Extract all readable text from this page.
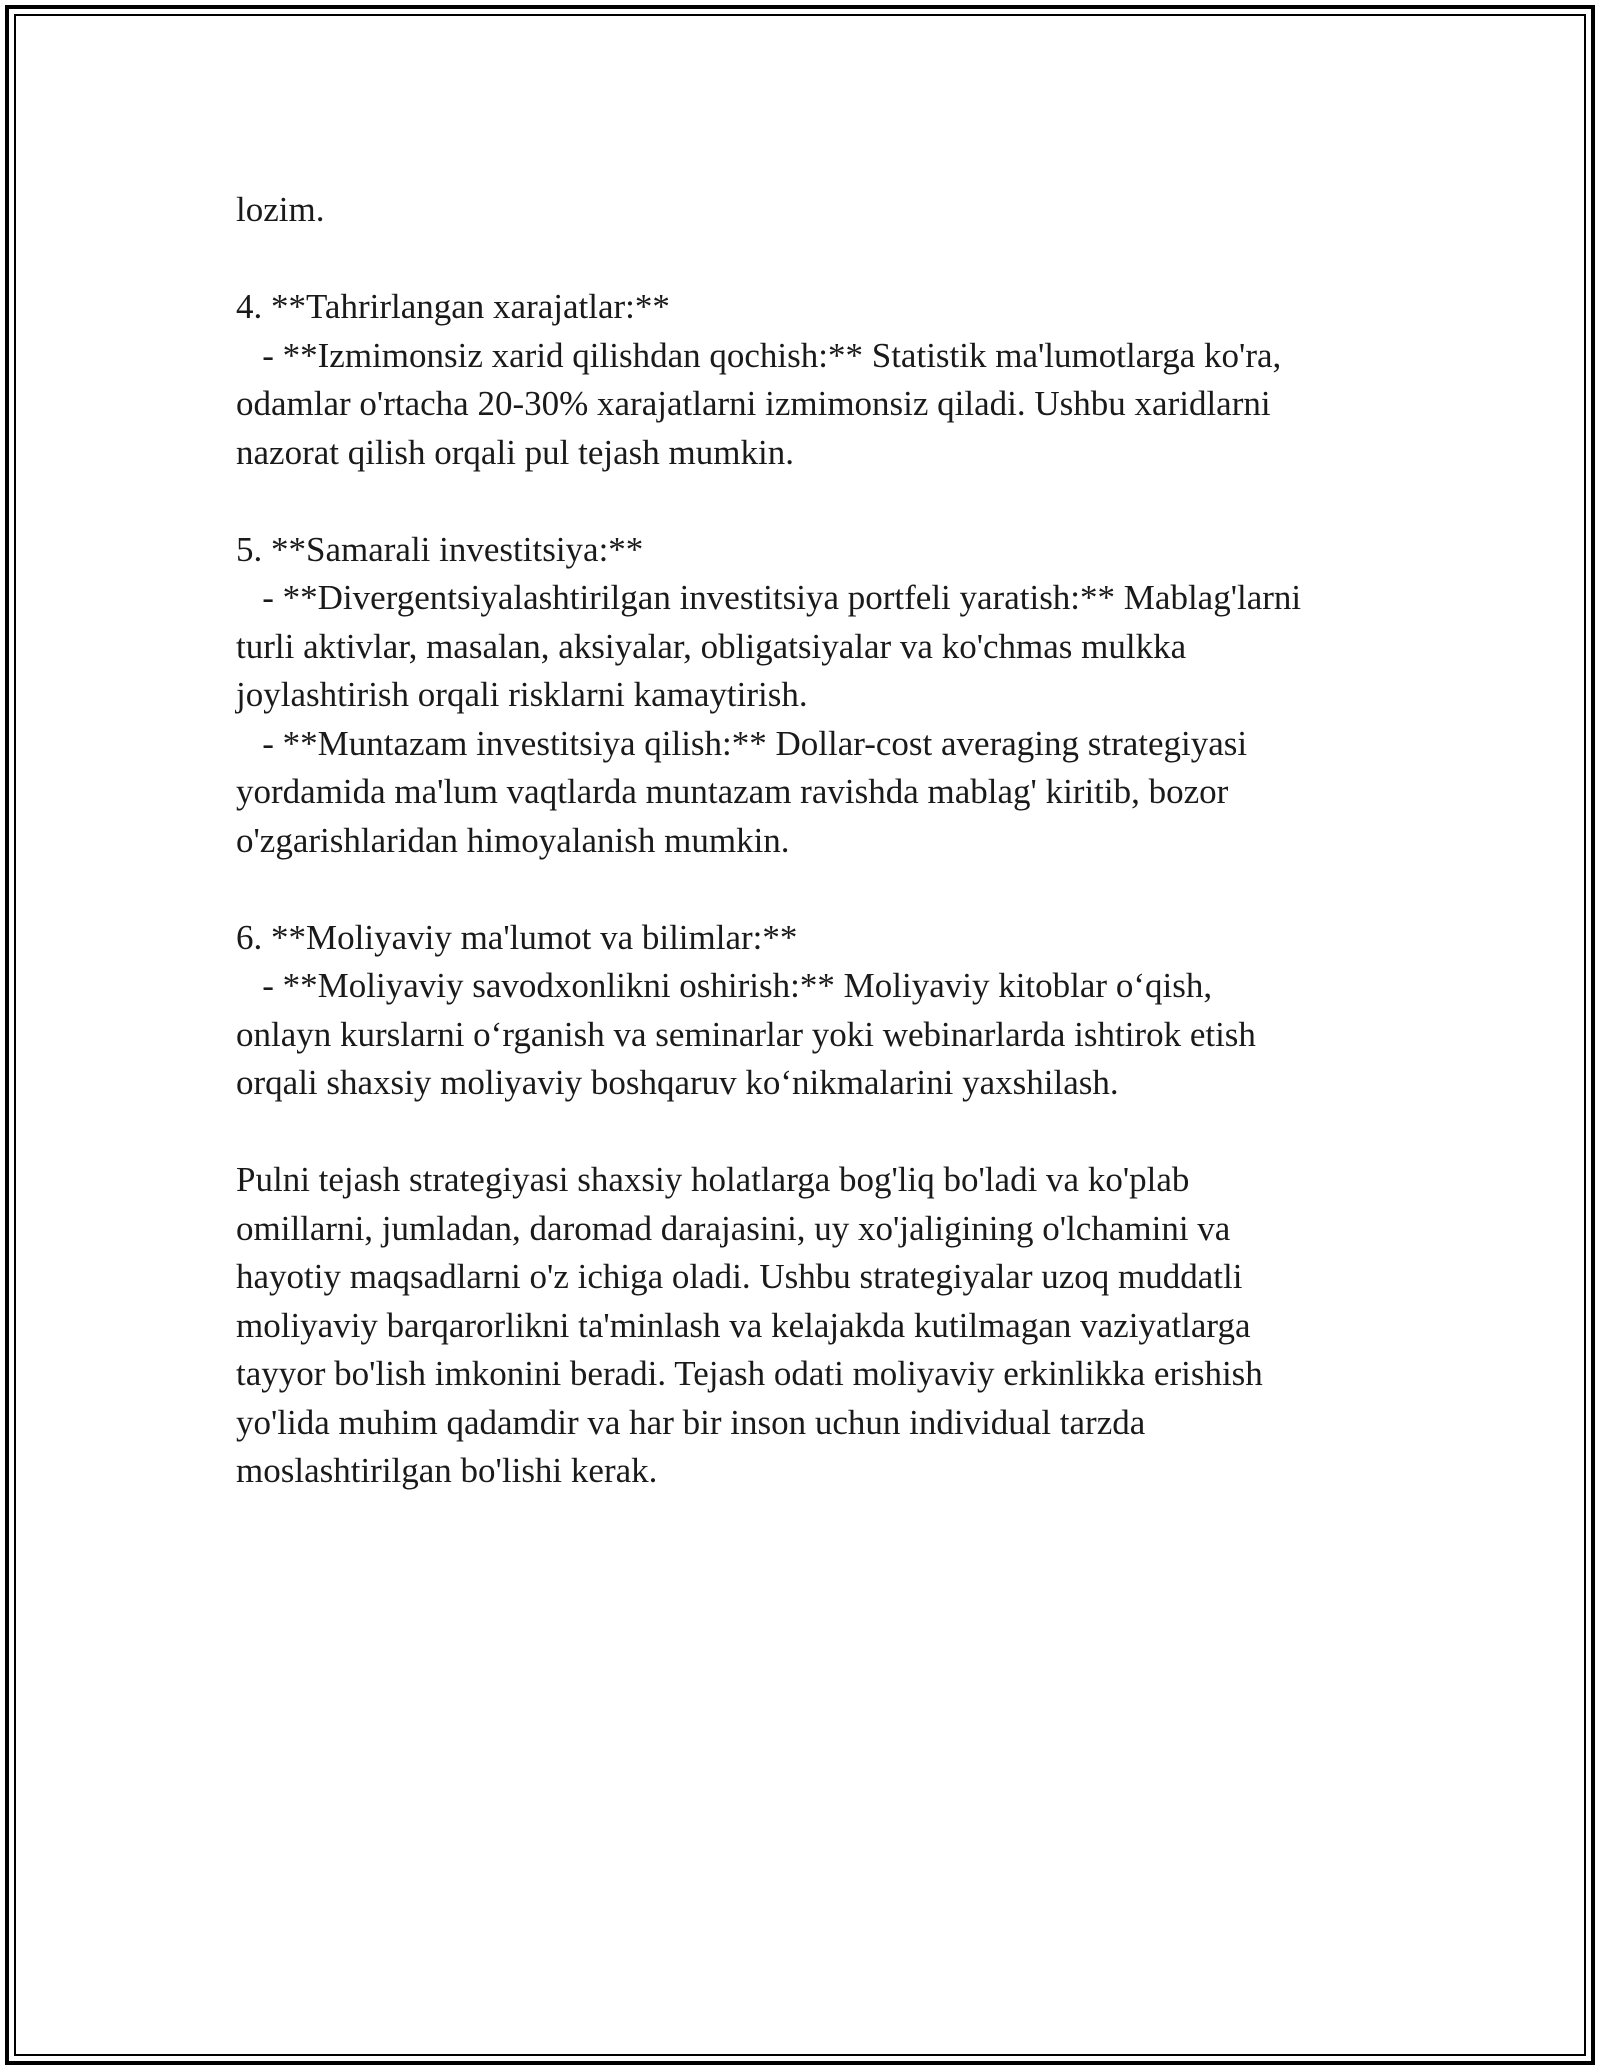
lozim.
4. **Tahrirlangan xarajatlar:**
- **Izmimonsiz xarid qilishdan qochish:** Statistik ma'lumotlarga ko'ra,
odamlar o'rtacha 20-30% xarajatlarni izmimonsiz qiladi. Ushbu xaridlarni
nazorat qilish orqali pul tejash mumkin.
5. **Samarali investitsiya:**
- **Divergentsiyalashtirilgan investitsiya portfeli yaratish:** Mablag'larni
turli aktivlar, masalan, aksiyalar, obligatsiyalar va ko'chmas mulkka
joylashtirish orqali risklarni kamaytirish.
- **Muntazam investitsiya qilish:** Dollar-cost averaging strategiyasi
yordamida ma'lum vaqtlarda muntazam ravishda mablag' kiritib, bozor
o'zgarishlaridan himoyalanish mumkin.
6. **Moliyaviy ma'lumot va bilimlar:**
- **Moliyaviy savodxonlikni oshirish:** Moliyaviy kitoblar o‘qish,
onlayn kurslarni o‘rganish va seminarlar yoki webinarlarda ishtirok etish
orqali shaxsiy moliyaviy boshqaruv ko‘nikmalarini yaxshilash.
Pulni tejash strategiyasi shaxsiy holatlarga bog'liq bo'ladi va ko'plab
omillarni, jumladan, daromad darajasini, uy xo'jaligining o'lchamini va
hayotiy maqsadlarni o'z ichiga oladi. Ushbu strategiyalar uzoq muddatli
moliyaviy barqarorlikni ta'minlash va kelajakda kutilmagan vaziyatlarga
tayyor bo'lish imkonini beradi. Tejash odati moliyaviy erkinlikka erishish
yo'lida muhim qadamdir va har bir inson uchun individual tarzda
moslashtirilgan bo'lishi kerak.
